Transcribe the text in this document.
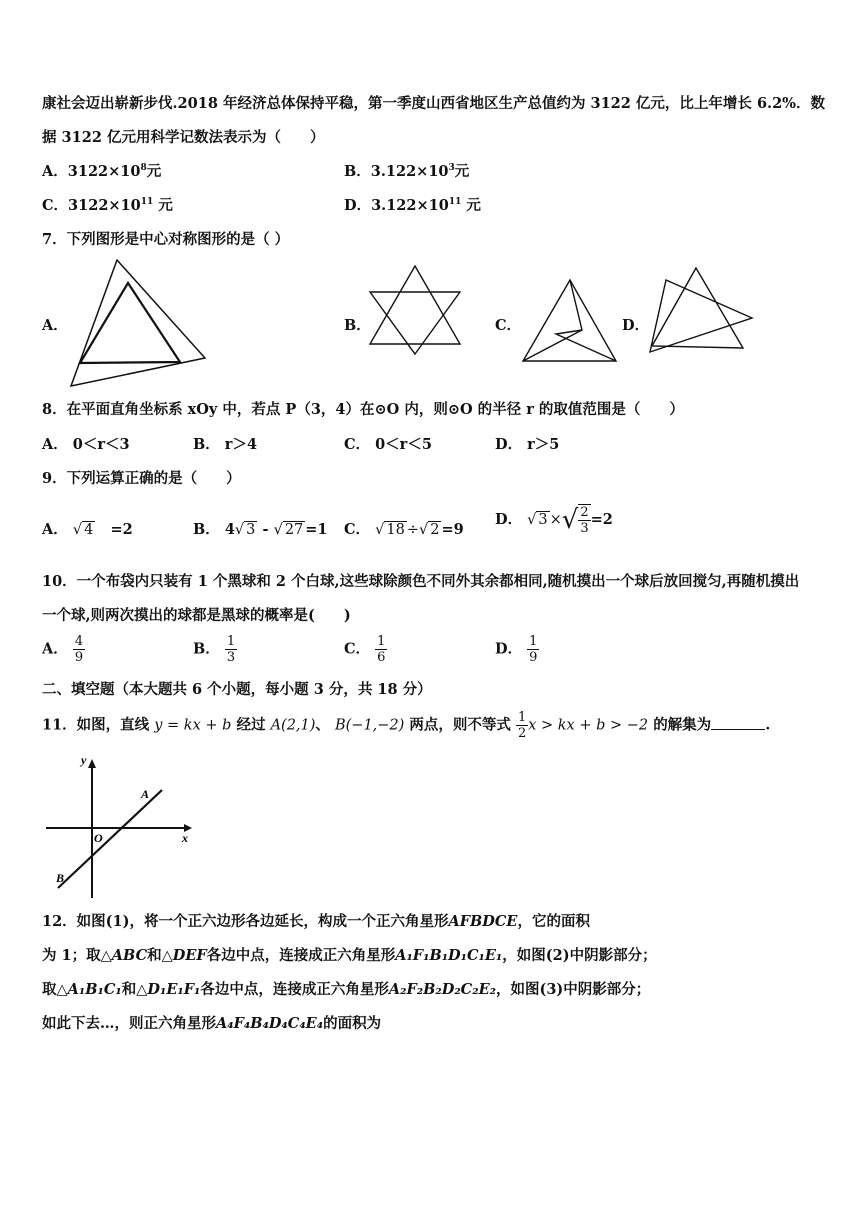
康社会迈出崭新步伐.2018 年经济总体保持平稳，第一季度山西省地区生产总值约为 3122 亿元，比上年增长 6.2%．数
据 3122 亿元用科学记数法表示为（　　）
A．$3122\times 10^8$元	B．$3.122\times 10^3$元
C．$3122\times 10^{11}$ 元	D．$3.122\times 10^{11}$ 元
7．下列图形是中心对称图形的是（ ）
A．	B．	C．	D．
8．在平面直角坐标系 xOy 中，若点 P（3，4）在⊙O 内，则⊙O 的半径 r 的取值范围是（　　）
A． 0＜r＜3	B． r＞4	C． 0＜r＜5	D． r＞5
9．下列运算正确的是（　　）
A． √ 4 =2	B． 4√ 3 - √ 27 =1 C． √ 18 ÷√ 2 =9
D． √ 3 ×√ $\frac{2}{3} =2$
10．一个布袋内只装有 1 个黑球和 2 个白球,这些球除颜色不同外其余都相同,随机摸出一个球后放回搅匀,再随机摸出
一个球,则两次摸出的球都是黑球的概率是(　　)
A． $\frac{4}{9}$	B． $\frac{1}{3}$	C． $\frac{1}{6}$	D． $\frac{1}{9}$
二、填空题（本大题共 6 个小题，每小题 3 分，共 18 分）
11．如图，直线 y = kx + b 经过 A(2,1)、 B(−1,−2) 两点，则不等式 $\frac{1}{2}$ x > kx + b > −2 的解集为	.
y
x
O
A
B
12．如图(1)，将一个正六边形各边延长，构成一个正六角星形AFBDCE，它的面积
为 1；取△ABC和△DEF各边中点，连接成正六角星形A₁F₁B₁D₁C₁E₁，如图(2)中阴影部分；
取△A₁B₁C₁和△D₁E₁F₁各边中点，连接成正六角星形A₂F₂B₂D₂C₂E₂，如图(3)中阴影部分；
如此下去…，则正六角星形A₄F₄B₄D₄C₄E₄的面积为
